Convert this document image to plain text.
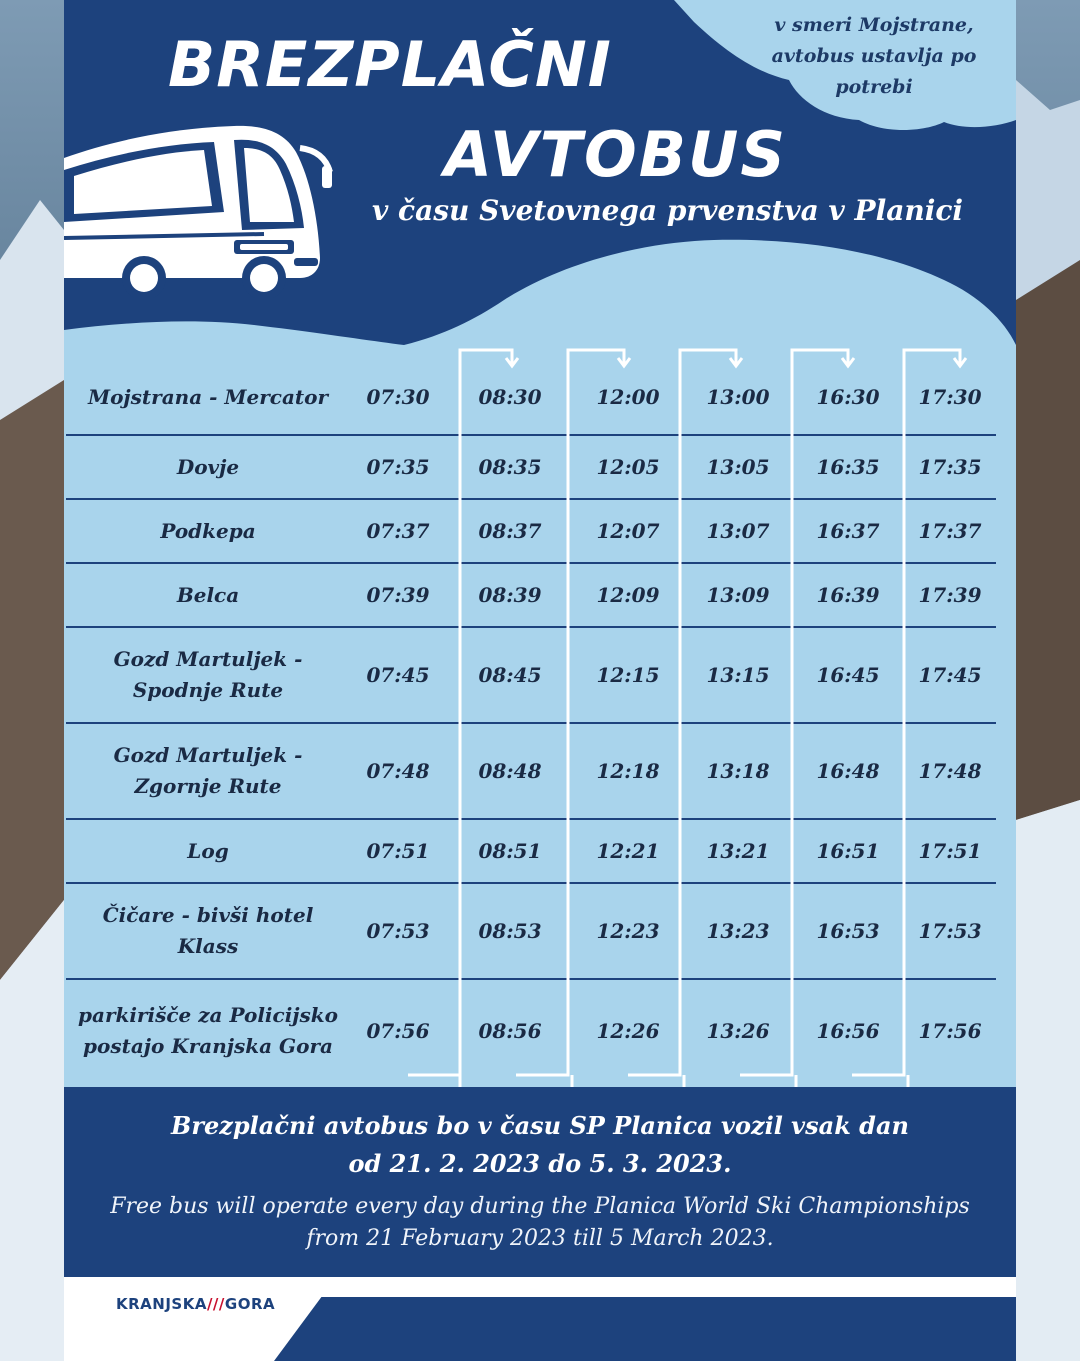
BREZPLAČNI
AVTOBUS
v času Svetovnega prvenstva v Planici
v smeri Mojstrane,
avtobus ustavlja po
potrebi
Mojstrana - Mercator	07:30	08:30	12:00	13:00	16:30	17:30
Dovje	07:35	08:35	12:05	13:05	16:35	17:35
Podkepa	07:37	08:37	12:07	13:07	16:37	17:37
Belca	07:39	08:39	12:09	13:09	16:39	17:39
Gozd Martuljek -
Spodnje Rute
07:45	08:45	12:15	13:15	16:45	17:45
Gozd Martuljek -
Zgornje Rute
07:48	08:48	12:18	13:18	16:48	17:48
Log	07:51	08:51	12:21	13:21	16:51	17:51
Čičare - bivši hotel
Klass
07:53	08:53	12:23	13:23	16:53	17:53
parkirišče za Policijsko
postajo Kranjska Gora
07:56	08:56	12:26	13:26	16:56	17:56
Brezplačni avtobus bo v času SP Planica vozil vsak dan
od 21. 2. 2023 do 5. 3. 2023.
Free bus will operate every day during the Planica World Ski Championships
from 21 February 2023 till 5 March 2023.
KRANJSKA///GORA
www.kranjska-gora.si
